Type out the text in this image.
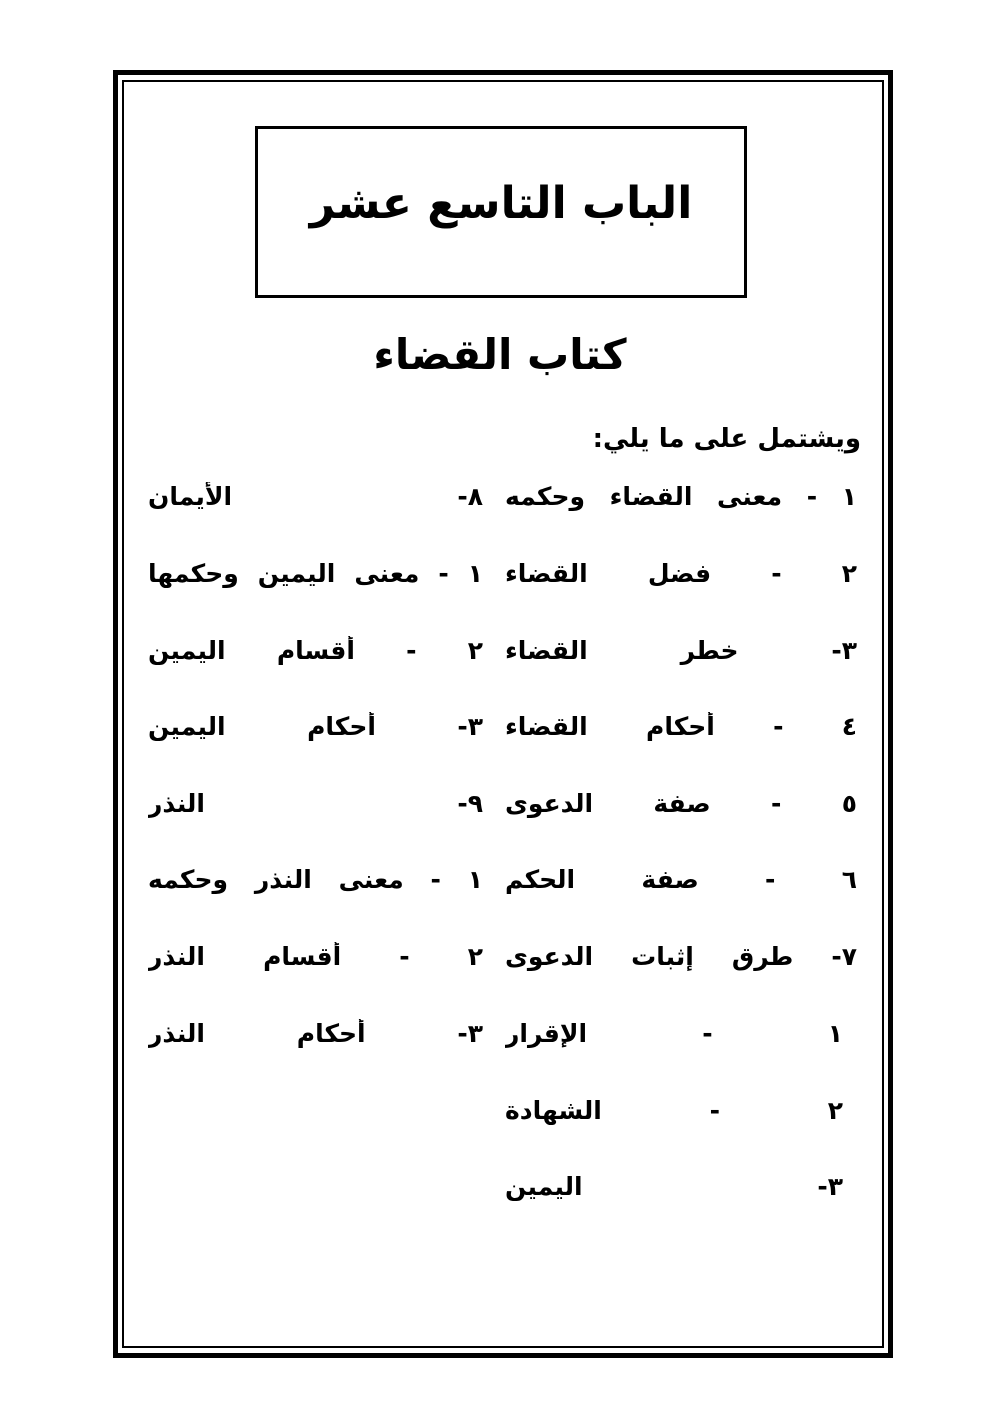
الباب التاسع عشر
كتاب القضاء
ويشتمل على ما يلي:
١ - معنى القضاء وحكمه
٢ - فضل القضاء
٣- خطر القضاء
٤ - أحكام القضاء
٥ - صفة الدعوى
٦ - صفة الحكم
٧- طرق إثبات الدعوى
١ - الإقرار
٢ - الشهادة
٣- اليمين
٨- الأيمان
١ - معنى اليمين وحكمها
٢ - أقسام اليمين
٣- أحكام اليمين
٩- النذر
١ - معنى النذر وحكمه
٢ - أقسام النذر
٣- أحكام النذر
